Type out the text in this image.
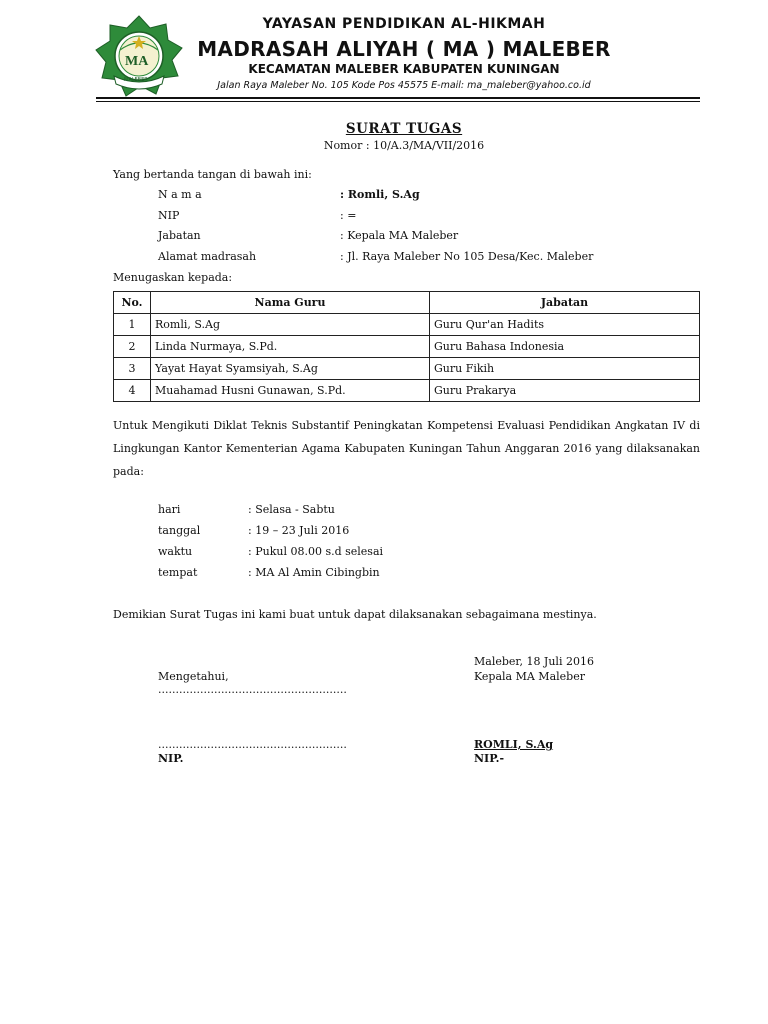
MA
MALEBER
YAYASAN PENDIDIKAN AL-HIKMAH
MADRASAH ALIYAH ( MA ) MALEBER
KECAMATAN MALEBER KABUPATEN KUNINGAN
Jalan Raya Maleber No. 105 Kode Pos 45575 E-mail: ma_maleber@yahoo.co.id
SURAT TUGAS
Nomor : 10/A.3/MA/VII/2016
Yang bertanda tangan di bawah ini:
N a m a	: Romli, S.Ag
NIP	: =
Jabatan	: Kepala MA Maleber
Alamat madrasah	: Jl. Raya Maleber No 105 Desa/Kec. Maleber
Menugaskan kepada:
No.	Nama Guru	Jabatan
1	Romli, S.Ag	Guru Qur'an Hadits
2	Linda Nurmaya, S.Pd.	Guru Bahasa Indonesia
3	Yayat Hayat Syamsiyah, S.Ag	Guru Fikih
4	Muahamad Husni Gunawan, S.Pd.	Guru Prakarya
Untuk Mengikuti Diklat Teknis Substantif Peningkatan Kompetensi Evaluasi Pendidikan Angkatan IV di Lingkungan Kantor Kementerian Agama Kabupaten Kuningan Tahun Anggaran 2016 yang dilaksanakan pada:
hari	: Selasa - Sabtu
tanggal	: 19 – 23 Juli 2016
waktu	: Pukul 08.00 s.d selesai
tempat	: MA Al Amin Cibingbin
Demikian Surat Tugas ini kami buat untuk dapat dilaksanakan sebagaimana mestinya.
Maleber, 18 Juli 2016
Mengetahui,	Kepala MA Maleber
......................................................
......................................................	ROMLI, S.Ag
NIP.	NIP.-
